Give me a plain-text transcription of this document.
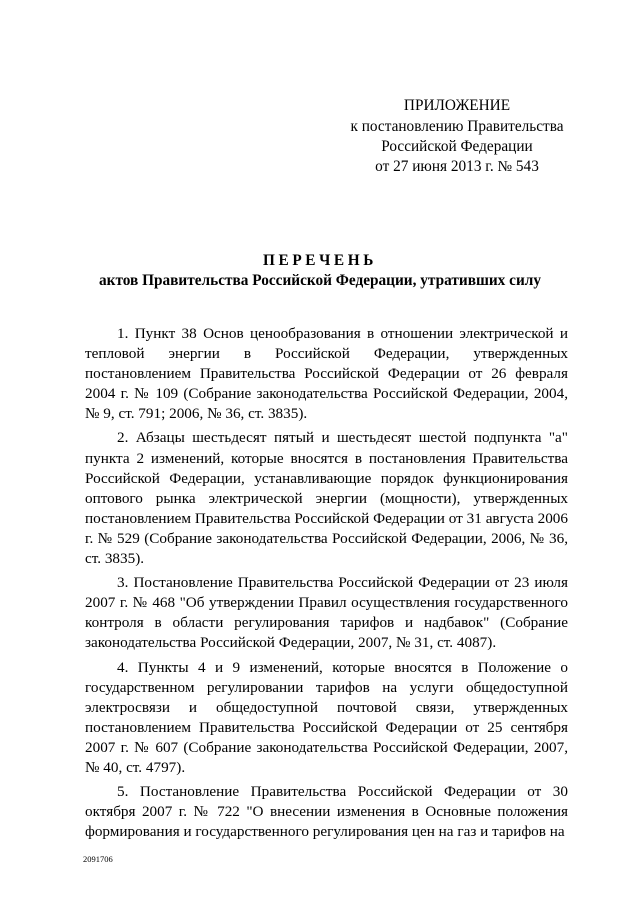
ПРИЛОЖЕНИЕ
к постановлению Правительства
Российской Федерации
от 27 июня 2013 г. № 543
ПЕРЕЧЕНЬ
актов Правительства Российской Федерации, утративших силу

1. Пункт 38 Основ ценообразования в отношении электрической и тепловой энергии в Российской Федерации, утвержденных постановлением Правительства Российской Федерации от 26 февраля 2004 г. № 109 (Собрание законодательства Российской Федерации, 2004, № 9, ст. 791; 2006, № 36, ст. 3835).

2. Абзацы шестьдесят пятый и шестьдесят шестой подпункта "а" пункта 2 изменений, которые вносятся в постановления Правительства Российской Федерации, устанавливающие порядок функционирования оптового рынка электрической энергии (мощности), утвержденных постановлением Правительства Российской Федерации от 31 августа 2006 г. № 529 (Собрание законодательства Российской Федерации, 2006, № 36, ст. 3835).

3. Постановление Правительства Российской Федерации от 23 июля 2007 г. № 468 "Об утверждении Правил осуществления государственного контроля в области регулирования тарифов и надбавок" (Собрание законодательства Российской Федерации, 2007, № 31, ст. 4087).

4. Пункты 4 и 9 изменений, которые вносятся в Положение о государственном регулировании тарифов на услуги общедоступной электросвязи и общедоступной почтовой связи, утвержденных постановлением Правительства Российской Федерации от 25 сентября 2007 г. № 607 (Собрание законодательства Российской Федерации, 2007, № 40, ст. 4797).

5. Постановление Правительства Российской Федерации от 30 октября 2007 г. № 722 "О внесении изменения в Основные положения формирования и государственного регулирования цен на газ и тарифов на

2091706
